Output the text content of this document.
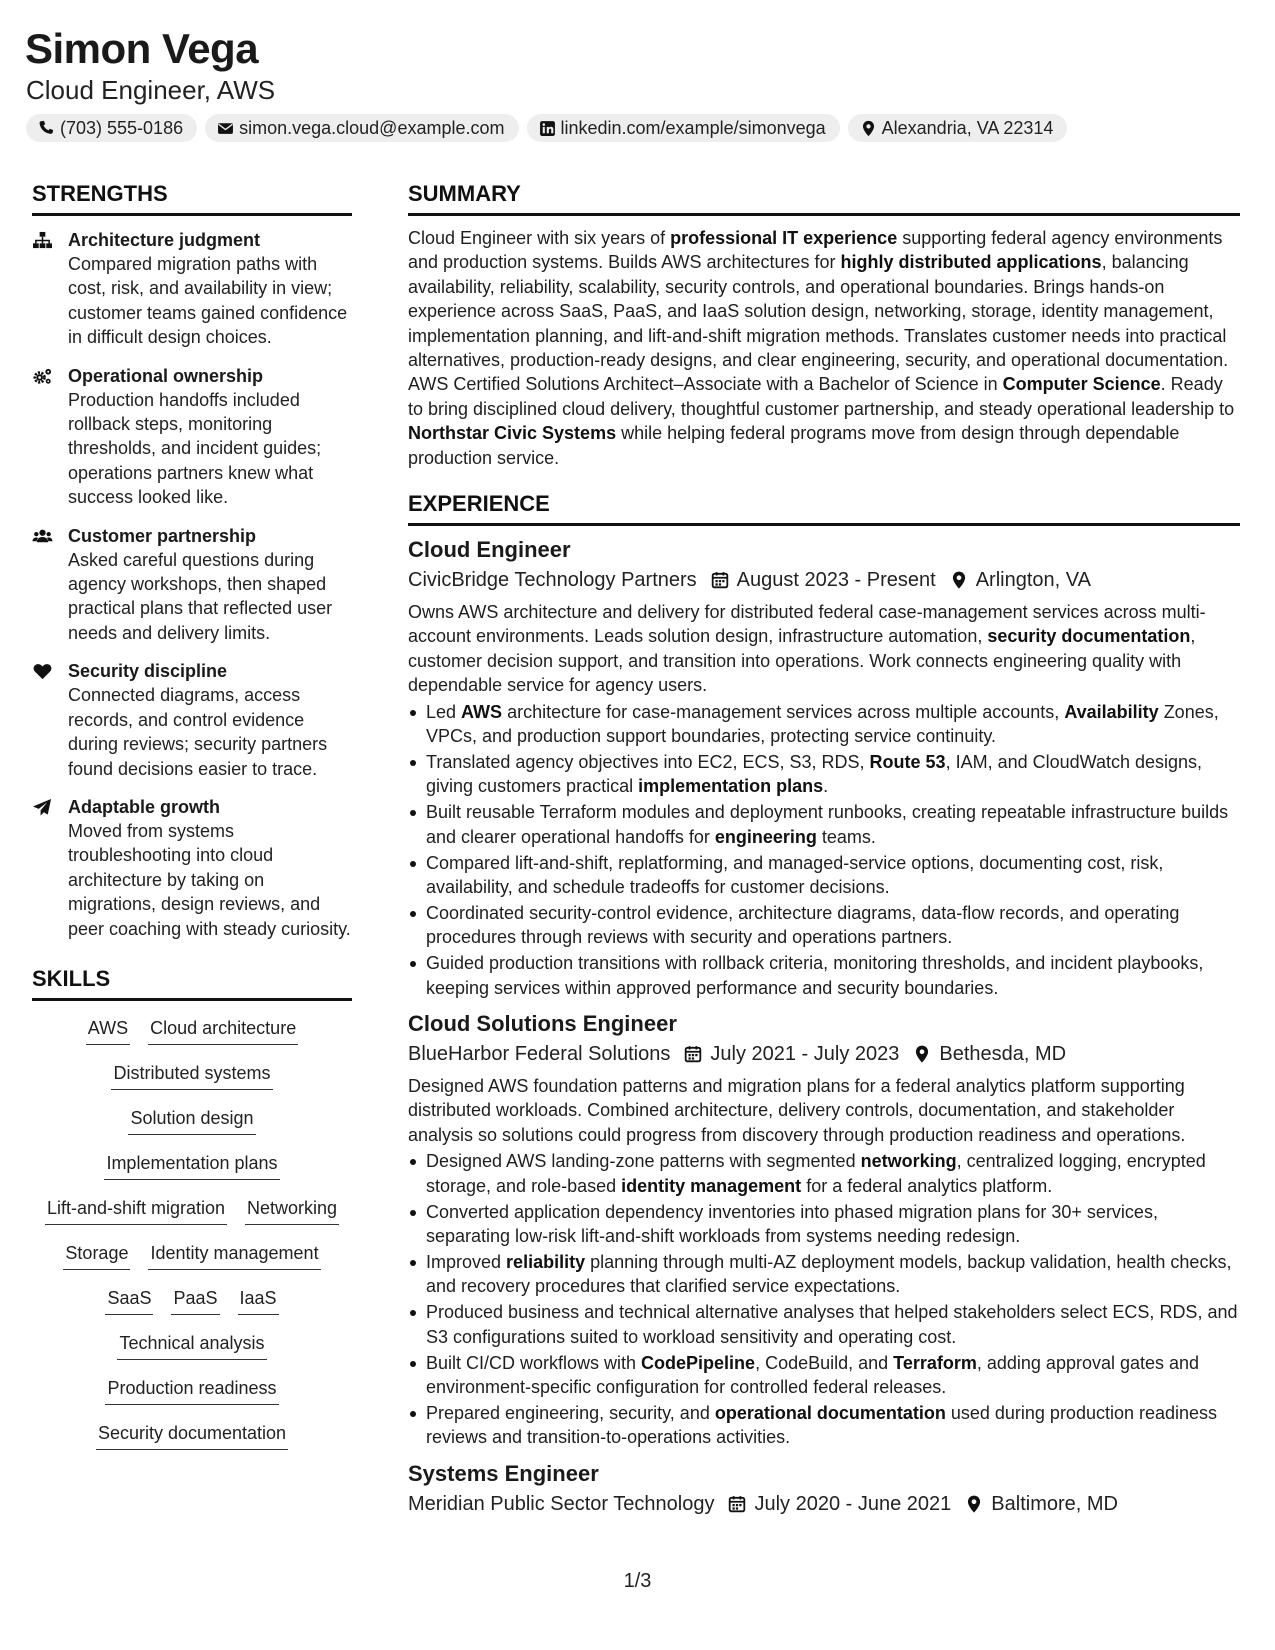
Simon Vega
Cloud Engineer, AWS
(703) 555-0186	simon.vega.cloud@example.com	linkedin.com/example/simonvega	Alexandria, VA 22314
STRENGTHS
Architecture judgment
Compared migration paths with cost, risk, and availability in view; customer teams gained confidence in difficult design choices.
Operational ownership
Production handoffs included rollback steps, monitoring thresholds, and incident guides; operations partners knew what success looked like.
Customer partnership
Asked careful questions during agency workshops, then shaped practical plans that reflected user needs and delivery limits.
Security discipline
Connected diagrams, access records, and control evidence during reviews; security partners found decisions easier to trace.
Adaptable growth
Moved from systems troubleshooting into cloud architecture by taking on migrations, design reviews, and peer coaching with steady curiosity.
SKILLS
AWS Cloud architecture
Distributed systems
Solution design
Implementation plans
Lift-and-shift migration Networking
Storage Identity management
SaaS PaaS IaaS
Technical analysis
Production readiness
Security documentation
SUMMARY
Cloud Engineer with six years of professional IT experience supporting federal agency environments and production systems. Builds AWS architectures for highly distributed applications, balancing availability, reliability, scalability, security controls, and operational boundaries. Brings hands-on experience across SaaS, PaaS, and IaaS solution design, networking, storage, identity management, implementation planning, and lift-and-shift migration methods. Translates customer needs into practical alternatives, production-ready designs, and clear engineering, security, and operational documentation. AWS Certified Solutions Architect–Associate with a Bachelor of Science in Computer Science. Ready to bring disciplined cloud delivery, thoughtful customer partnership, and steady operational leadership to Northstar Civic Systems while helping federal programs move from design through dependable production service.
EXPERIENCE
Cloud Engineer
CivicBridge Technology Partners August 2023 - Present Arlington, VA
Owns AWS architecture and delivery for distributed federal case-management services across multi-account environments. Leads solution design, infrastructure automation, security documentation, customer decision support, and transition into operations. Work connects engineering quality with dependable service for agency users.
Led AWS architecture for case-management services across multiple accounts, Availability Zones, VPCs, and production support boundaries, protecting service continuity.
Translated agency objectives into EC2, ECS, S3, RDS, Route 53, IAM, and CloudWatch designs, giving customers practical implementation plans.
Built reusable Terraform modules and deployment runbooks, creating repeatable infrastructure builds and clearer operational handoffs for engineering teams.
Compared lift-and-shift, replatforming, and managed-service options, documenting cost, risk, availability, and schedule tradeoffs for customer decisions.
Coordinated security-control evidence, architecture diagrams, data-flow records, and operating procedures through reviews with security and operations partners.
Guided production transitions with rollback criteria, monitoring thresholds, and incident playbooks, keeping services within approved performance and security boundaries.
Cloud Solutions Engineer
BlueHarbor Federal Solutions July 2021 - July 2023 Bethesda, MD
Designed AWS foundation patterns and migration plans for a federal analytics platform supporting distributed workloads. Combined architecture, delivery controls, documentation, and stakeholder analysis so solutions could progress from discovery through production readiness and operations.
Designed AWS landing-zone patterns with segmented networking, centralized logging, encrypted storage, and role-based identity management for a federal analytics platform.
Converted application dependency inventories into phased migration plans for 30+ services, separating low-risk lift-and-shift workloads from systems needing redesign.
Improved reliability planning through multi-AZ deployment models, backup validation, health checks, and recovery procedures that clarified service expectations.
Produced business and technical alternative analyses that helped stakeholders select ECS, RDS, and S3 configurations suited to workload sensitivity and operating cost.
Built CI/CD workflows with CodePipeline, CodeBuild, and Terraform, adding approval gates and environment-specific configuration for controlled federal releases.
Prepared engineering, security, and operational documentation used during production readiness reviews and transition-to-operations activities.
Systems Engineer
Meridian Public Sector Technology July 2020 - June 2021 Baltimore, MD
1/3
